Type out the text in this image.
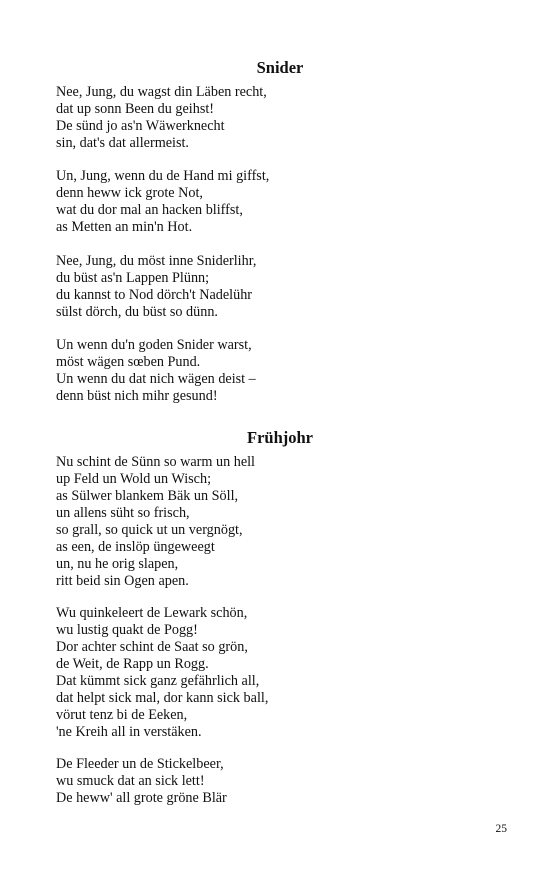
Snider

Nee, Jung, du wagst din Läben recht,
dat up sonn Been du geihst!
De sünd jo as'n Wäwerknecht
sin, dat's dat allermeist.

Un, Jung, wenn du de Hand mi giffst,
denn heww ick grote Not,
wat du dor mal an hacken bliffst,
as Metten an min'n Hot.

Nee, Jung, du möst inne Sniderlihr,
du büst as'n Lappen Plünn;
du kannst to Nod dörch't Nadelühr
sülst dörch, du büst so dünn.

Un wenn du'n goden Snider warst,
möst wägen sœben Pund.
Un wenn du dat nich wägen deist –
denn büst nich mihr gesund!

Frühjohr

Nu schint de Sünn so warm un hell
up Feld un Wold un Wisch;
as Sülwer blankem Bäk un Söll,
un allens süht so frisch,
so grall, so quick ut un vergnögt,
as een, de inslöp üngeweegt
un, nu he orig slapen,
ritt beid sin Ogen apen.

Wu quinkeleert de Lewark schön,
wu lustig quakt de Pogg!
Dor achter schint de Saat so grön,
de Weit, de Rapp un Rogg.
Dat kümmt sick ganz gefährlich all,
dat helpt sick mal, dor kann sick ball,
vörut tenz bi de Eeken,
'ne Kreih all in verstäken.

De Fleeder un de Stickelbeer,
wu smuck dat an sick lett!
De heww' all grote gröne Blär

25
